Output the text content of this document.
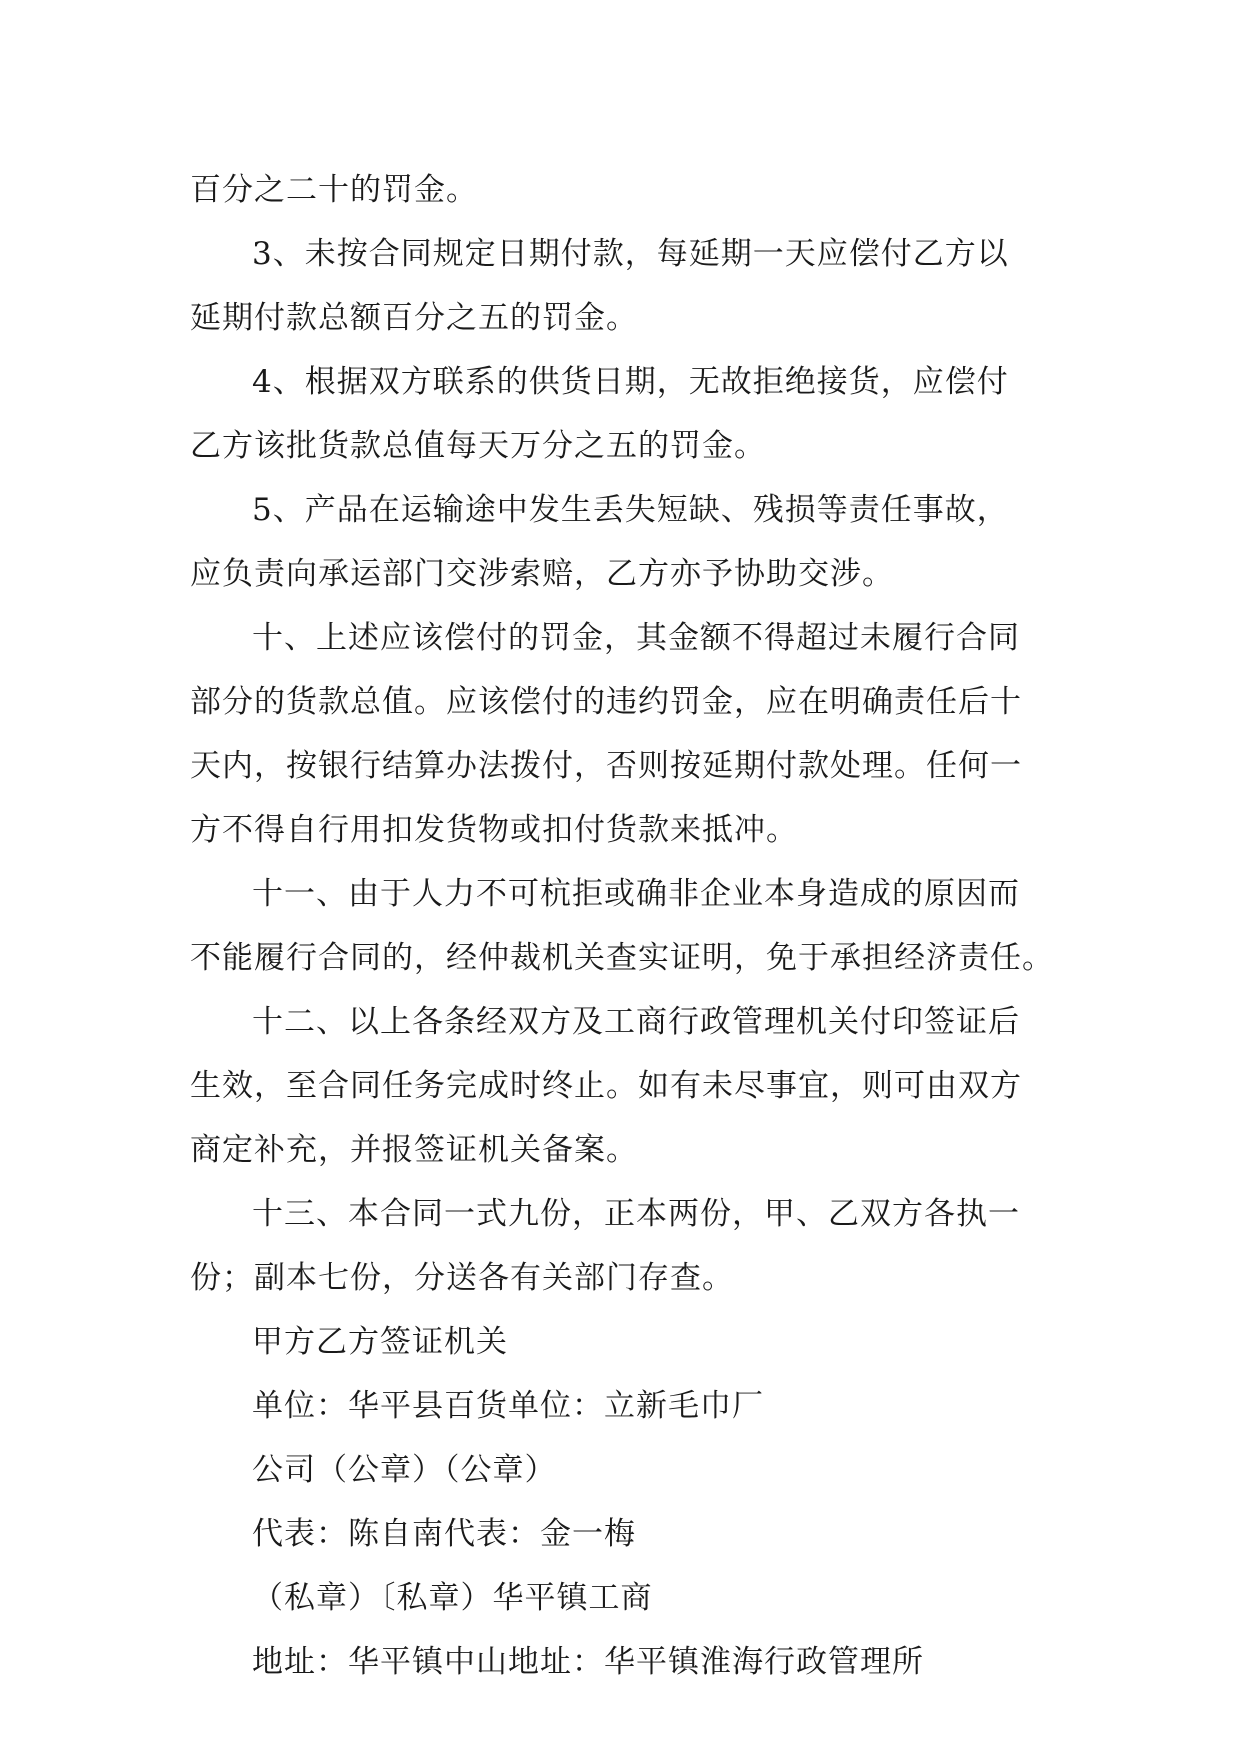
百分之二十的罚金。
3、未按合同规定日期付款，每延期一天应偿付乙方以
延期付款总额百分之五的罚金。
4、根据双方联系的供货日期，无故拒绝接货，应偿付
乙方该批货款总值每天万分之五的罚金。
5、产品在运输途中发生丢失短缺、残损等责任事故，
应负责向承运部门交涉索赔，乙方亦予协助交涉。
十、上述应该偿付的罚金，其金额不得超过未履行合同
部分的货款总值。应该偿付的违约罚金，应在明确责任后十
天内，按银行结算办法拨付，否则按延期付款处理。任何一
方不得自行用扣发货物或扣付货款来抵冲。
十一、由于人力不可杭拒或确非企业本身造成的原因而
不能履行合同的，经仲裁机关查实证明，免于承担经济责任。
十二、以上各条经双方及工商行政管理机关付印签证后
生效，至合同任务完成时终止。如有未尽事宜，则可由双方
商定补充，并报签证机关备案。
十三、本合同一式九份，正本两份，甲、乙双方各执一
份；副本七份，分送各有关部门存查。
甲方乙方签证机关
单位：华平县百货单位：立新毛巾厂
公司（公章）（公章）
代表：陈自南代表：金一梅
（私章）〔私章）华平镇工商
地址：华平镇中山地址：华平镇淮海行政管理所
